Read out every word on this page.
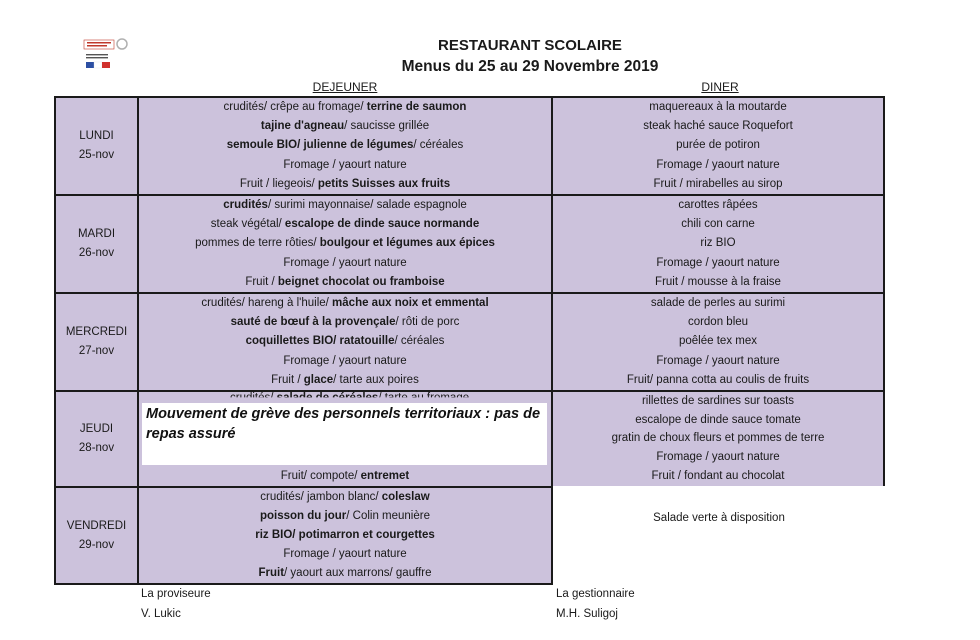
RESTAURANT SCOLAIRE
Menus du 25 au 29 Novembre 2019
DEJEUNER	DINER
LUNDI
25-nov
crudités/ crêpe au fromage/ terrine de saumon
tajine d'agneau/ saucisse grillée
semoule BIO/ julienne de légumes/ céréales
Fromage / yaourt nature
Fruit / liegeois/ petits Suisses aux fruits
maquereaux à la moutarde
steak haché sauce Roquefort
purée de potiron
Fromage / yaourt nature
Fruit / mirabelles au sirop
MARDI
26-nov
crudités/ surimi mayonnaise/ salade espagnole
steak végétal/ escalope de dinde sauce normande
pommes de terre rôties/ boulgour et légumes aux épices
Fromage / yaourt nature
Fruit / beignet chocolat ou framboise
carottes râpées
chili con carne
riz BIO
Fromage / yaourt nature
Fruit / mousse à la fraise
MERCREDI
27-nov
crudités/ hareng à l'huile/ mâche aux noix et emmental
sauté de bœuf à la provençale/ rôti de porc
coquillettes BIO/ ratatouille/ céréales
Fromage / yaourt nature
Fruit / glace/ tarte aux poires
salade de perles au surimi
cordon bleu
poêlée tex mex
Fromage / yaourt nature
Fruit/ panna cotta au coulis de fruits
JEUDI
28-nov
Fruit/ compote/ entremet
rillettes de sardines sur toasts
escalope de dinde sauce tomate
gratin de choux fleurs et pommes de terre
Fromage / yaourt nature
Fruit / fondant au chocolat
VENDREDI
29-nov
crudités/ jambon blanc/ coleslaw
poisson du jour/ Colin meunière
riz BIO/ potimarron et courgettes
Fromage / yaourt nature
Fruit/ yaourt aux marrons/ gauffre
Salade verte à disposition
Mouvement de grève des personnels territoriaux : pas de repas assuré
La proviseure
V. Lukic
La gestionnaire
M.H. Suligoj
